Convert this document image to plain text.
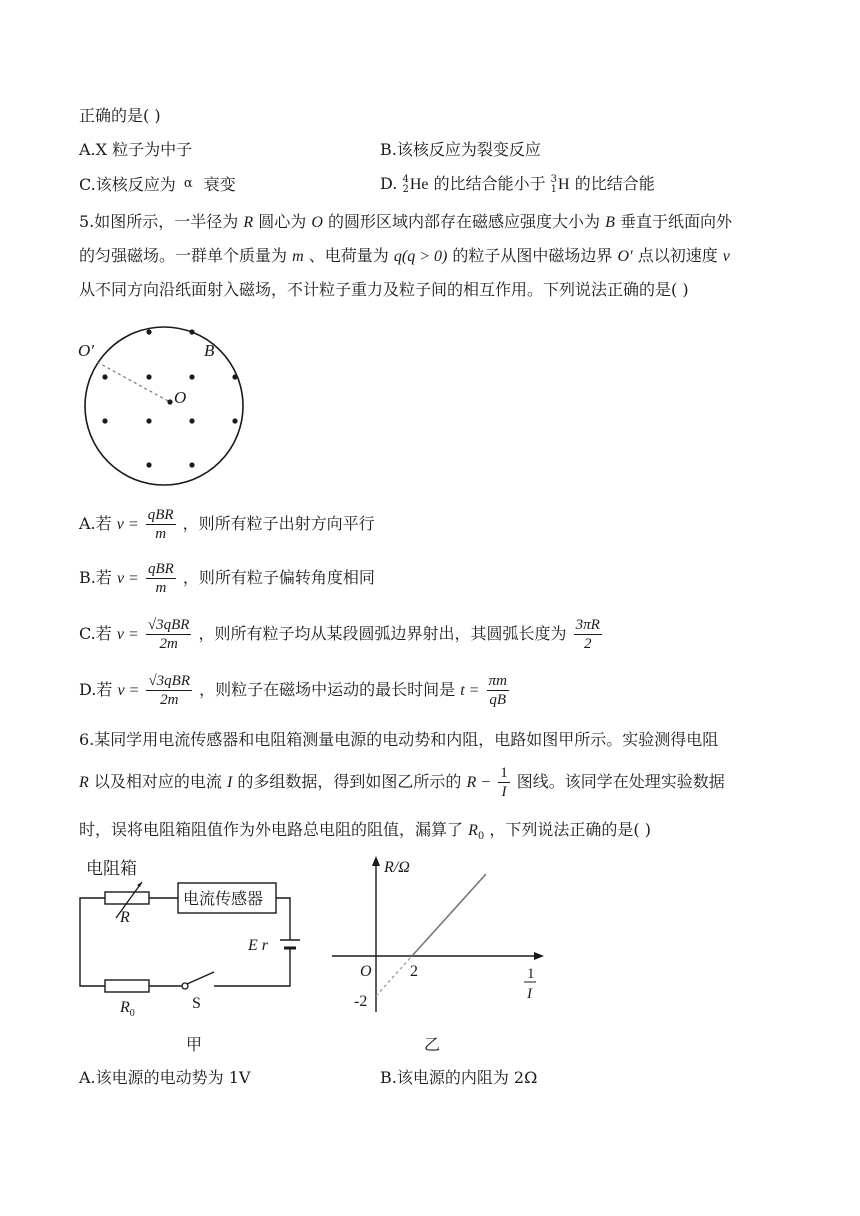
正确的是( )
A.X 粒子为中子	B.该核反应为裂变反应
C.该核反应为 α 衰变	D. 4
2 He 的比结合能小于 3
1 H 的比结合能
5.如图所示，一半径为 R 圆心为 O 的圆形区域内部存在磁感应强度大小为 B 垂直于纸面向外
的匀强磁场。一群单个质量为 m 、电荷量为 q(q > 0) 的粒子从图中磁场边界 O′ 点以初速度 v
从不同方向沿纸面射入磁场，不计粒子重力及粒子间的相互作用。下列说法正确的是( )
O′	B
O
A.若 $v = \frac{\text{qBR}}{m}$ ，则所有粒子出射方向平行
B.若 $v = \frac{\text{qBR}}{m}$ ，则所有粒子偏转角度相同
C.若 $v = \frac{\text{√3qBR}}{2m}$ ，则所有粒子均从某段圆弧边界射出，其圆弧长度为 $\frac{3\pi R}{2}$
D.若 $v = \frac{\text{√3qBR}}{2m}$ ，则粒子在磁场中运动的最长时间是 $t = \frac{\pi m}{qB}$
6.某同学用电流传感器和电阻箱测量电源的电动势和内阻，电路如图甲所示。实验测得电阻
R 以及相对应的电流 I 的多组数据，得到如图乙所示的 $R - \frac{1}{I}$ 图线。该同学在处理实验数据
时，误将电阻箱阻值作为外电路总电阻的阻值，漏算了 $R_0$ ，下列说法正确的是( )
电阻箱
R
电流传感器
E r
$R_0$
S
甲
R/Ω
O 2
-2
1
I
乙
A.该电源的电动势为 1V	B.该电源的内阻为 2Ω
